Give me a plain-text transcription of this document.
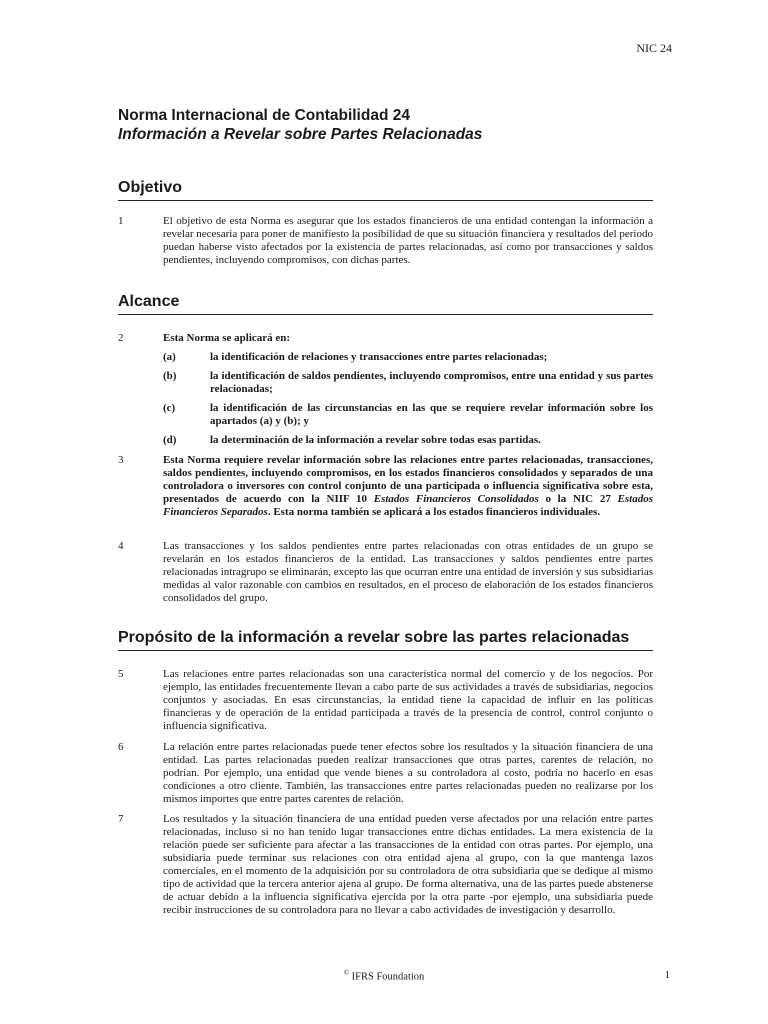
NIC 24

Norma Internacional de Contabilidad 24

Información a Revelar sobre Partes Relacionadas

Objetivo
1	El objetivo de esta Norma es asegurar que los estados financieros de una entidad contengan la información a revelar necesaria para poner de manifiesto la posibilidad de que su situación financiera y resultados del periodo puedan haberse visto afectados por la existencia de partes relacionadas, así como por transacciones y saldos pendientes, incluyendo compromisos, con dichas partes.
Alcance
2	Esta Norma se aplicará en:
(a)	la identificación de relaciones y transacciones entre partes relacionadas;
(b)	la identificación de saldos pendientes, incluyendo compromisos, entre una entidad y sus partes relacionadas;
(c)	la identificación de las circunstancias en las que se requiere revelar información sobre los apartados (a) y (b); y
(d)	la determinación de la información a revelar sobre todas esas partidas.
3	Esta Norma requiere revelar información sobre las relaciones entre partes relacionadas, transacciones, saldos pendientes, incluyendo compromisos, en los estados financieros consolidados y separados de una controladora o inversores con control conjunto de una participada o influencia significativa sobre esta, presentados de acuerdo con la NIIF 10 Estados Financieros Consolidados o la NIC 27 Estados Financieros Separados. Esta norma también se aplicará a los estados financieros individuales.
4	Las transacciones y los saldos pendientes entre partes relacionadas con otras entidades de un grupo se revelarán en los estados financieros de la entidad. Las transacciones y saldos pendientes entre partes relacionadas intragrupo se eliminarán, excepto las que ocurran entre una entidad de inversión y sus subsidiarias medidas al valor razonable con cambios en resultados, en el proceso de elaboración de los estados financieros consolidados del grupo.
Propósito de la información a revelar sobre las partes relacionadas
5	Las relaciones entre partes relacionadas son una característica normal del comercio y de los negocios. Por ejemplo, las entidades frecuentemente llevan a cabo parte de sus actividades a través de subsidiarias, negocios conjuntos y asociadas. En esas circunstancias, la entidad tiene la capacidad de influir en las políticas financieras y de operación de la entidad participada a través de la presencia de control, control conjunto o influencia significativa.
6	La relación entre partes relacionadas puede tener efectos sobre los resultados y la situación financiera de una entidad. Las partes relacionadas pueden realizar transacciones que otras partes, carentes de relación, no podrían. Por ejemplo, una entidad que vende bienes a su controladora al costo, podría no hacerlo en esas condiciones a otro cliente. También, las transacciones entre partes relacionadas pueden no realizarse por los mismos importes que entre partes carentes de relación.
7	Los resultados y la situación financiera de una entidad pueden verse afectados por una relación entre partes relacionadas, incluso si no han tenido lugar transacciones entre dichas entidades. La mera existencia de la relación puede ser suficiente para afectar a las transacciones de la entidad con otras partes. Por ejemplo, una subsidiaria puede terminar sus relaciones con otra entidad ajena al grupo, con la que mantenga lazos comerciales, en el momento de la adquisición por su controladora de otra subsidiaria que se dedique al mismo tipo de actividad que la tercera anterior ajena al grupo. De forma alternativa, una de las partes puede abstenerse de actuar debido a la influencia significativa ejercida por la otra parte -por ejemplo, una subsidiaria puede recibir instrucciones de su controladora para no llevar a cabo actividades de investigación y desarrollo.
© IFRS Foundation	1
